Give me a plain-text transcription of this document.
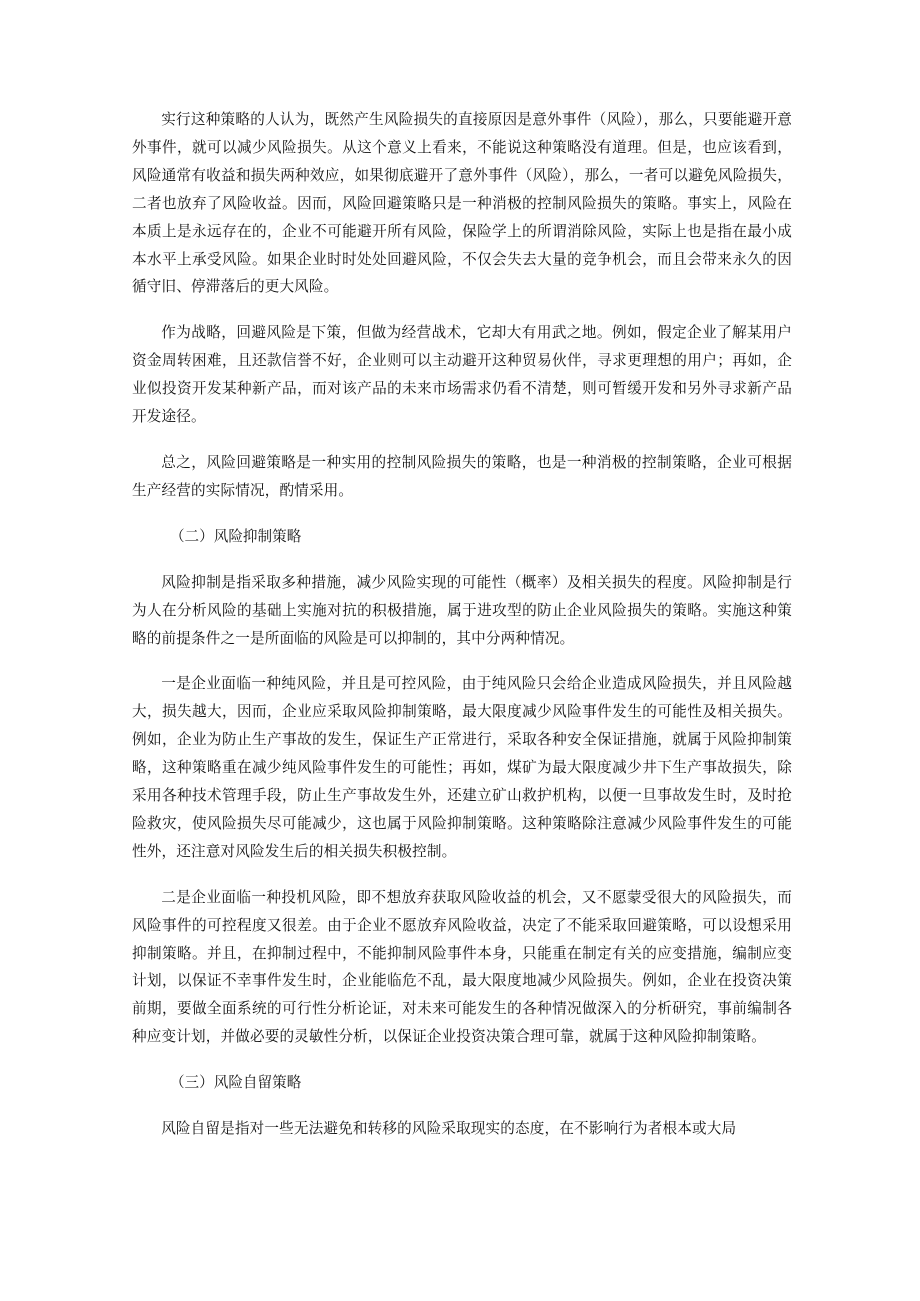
实行这种策略的人认为，既然产生风险损失的直接原因是意外事件（风险），那么，只要能避开意外事件，就可以减少风险损失。从这个意义上看来，不能说这种策略没有道理。但是，也应该看到，风险通常有收益和损失两种效应，如果彻底避开了意外事件（风险），那么，一者可以避免风险损失，二者也放弃了风险收益。因而，风险回避策略只是一种消极的控制风险损失的策略。事实上，风险在本质上是永远存在的，企业不可能避开所有风险，保险学上的所谓消除风险，实际上也是指在最小成本水平上承受风险。如果企业时时处处回避风险，不仅会失去大量的竞争机会，而且会带来永久的因循守旧、停滞落后的更大风险。

作为战略，回避风险是下策，但做为经营战术，它却大有用武之地。例如，假定企业了解某用户资金周转困难，且还款信誉不好，企业则可以主动避开这种贸易伙伴，寻求更理想的用户；再如，企业似投资开发某种新产品，而对该产品的未来市场需求仍看不清楚，则可暂缓开发和另外寻求新产品开发途径。

总之，风险回避策略是一种实用的控制风险损失的策略，也是一种消极的控制策略，企业可根据生产经营的实际情况，酌情采用。

（二）风险抑制策略

风险抑制是指采取多种措施，减少风险实现的可能性（概率）及相关损失的程度。风险抑制是行为人在分析风险的基础上实施对抗的积极措施，属于进攻型的防止企业风险损失的策略。实施这种策略的前提条件之一是所面临的风险是可以抑制的，其中分两种情况。

一是企业面临一种纯风险，并且是可控风险，由于纯风险只会给企业造成风险损失，并且风险越大，损失越大，因而，企业应采取风险抑制策略，最大限度减少风险事件发生的可能性及相关损失。例如，企业为防止生产事故的发生，保证生产正常进行，采取各种安全保证措施，就属于风险抑制策略，这种策略重在减少纯风险事件发生的可能性；再如，煤矿为最大限度减少井下生产事故损失，除采用各种技术管理手段，防止生产事故发生外，还建立矿山救护机构，以便一旦事故发生时，及时抢险救灾，使风险损失尽可能减少，这也属于风险抑制策略。这种策略除注意减少风险事件发生的可能性外，还注意对风险发生后的相关损失积极控制。

二是企业面临一种投机风险，即不想放弃获取风险收益的机会，又不愿蒙受很大的风险损失，而风险事件的可控程度又很差。由于企业不愿放弃风险收益，决定了不能采取回避策略，可以设想采用抑制策略。并且，在抑制过程中，不能抑制风险事件本身，只能重在制定有关的应变措施，编制应变计划，以保证不幸事件发生时，企业能临危不乱，最大限度地减少风险损失。例如，企业在投资决策前期，要做全面系统的可行性分析论证，对未来可能发生的各种情况做深入的分析研究，事前编制各种应变计划，并做必要的灵敏性分析，以保证企业投资决策合理可靠，就属于这种风险抑制策略。

（三）风险自留策略

风险自留是指对一些无法避免和转移的风险采取现实的态度，在不影响行为者根本或大局
